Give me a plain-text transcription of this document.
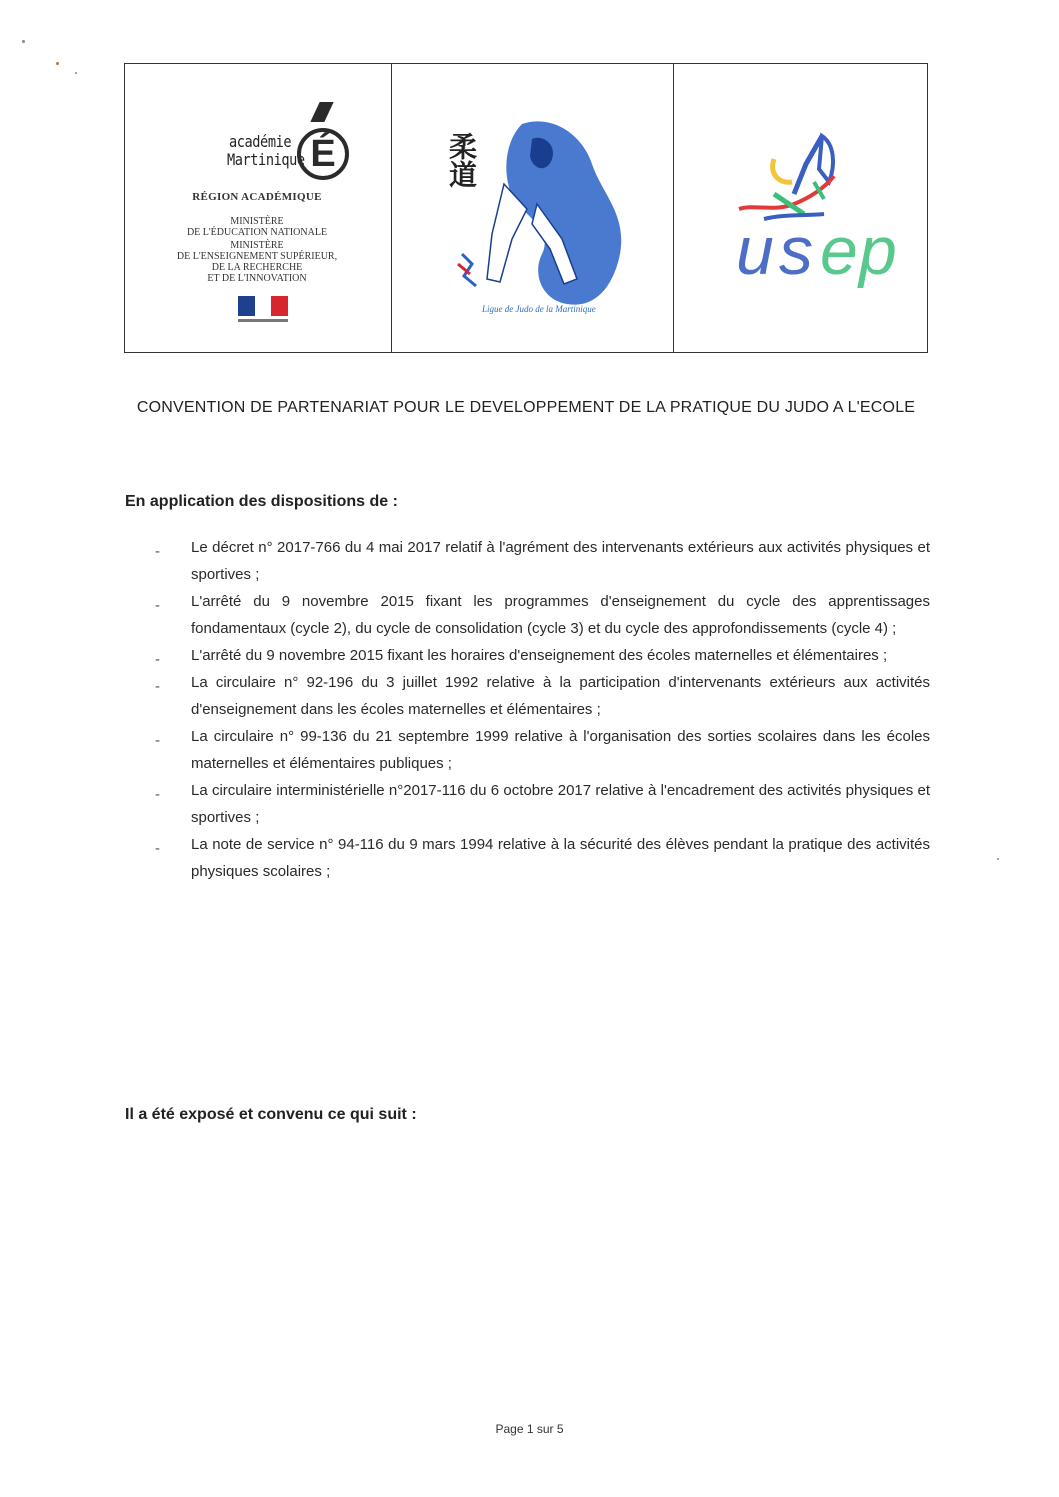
académie
Martinique É
RÉGION ACADÉMIQUE
MINISTÈRE
DE L'ÉDUCATION NATIONALE
MINISTÈRE
DE L'ENSEIGNEMENT SUPÉRIEUR,
DE LA RECHERCHE
ET DE L'INNOVATION
柔道
Ligue de Judo de la Martinique
u s e p
CONVENTION DE PARTENARIAT POUR LE DEVELOPPEMENT DE LA PRATIQUE DU JUDO A L'ECOLE
En application des dispositions de :
- Le décret n° 2017-766 du 4 mai 2017 relatif à l'agrément des intervenants extérieurs aux activités physiques et sportives ;
- L'arrêté du 9 novembre 2015 fixant les programmes d'enseignement du cycle des apprentissages fondamentaux (cycle 2), du cycle de consolidation (cycle 3) et du cycle des approfondissements (cycle 4) ;
- L'arrêté du 9 novembre 2015 fixant les horaires d'enseignement des écoles maternelles et élémentaires ;
- La circulaire n° 92-196 du 3 juillet 1992 relative à la participation d'intervenants extérieurs aux activités d'enseignement dans les écoles maternelles et élémentaires ;
- La circulaire n° 99-136 du 21 septembre 1999 relative à l'organisation des sorties scolaires dans les écoles maternelles et élémentaires publiques ;
- La circulaire interministérielle n°2017-116 du 6 octobre 2017 relative à l'encadrement des activités physiques et sportives ;
- La note de service n° 94-116 du 9 mars 1994 relative à la sécurité des élèves pendant la pratique des activités physiques scolaires ;
Il a été exposé et convenu ce qui suit :

Page 1 sur 5
